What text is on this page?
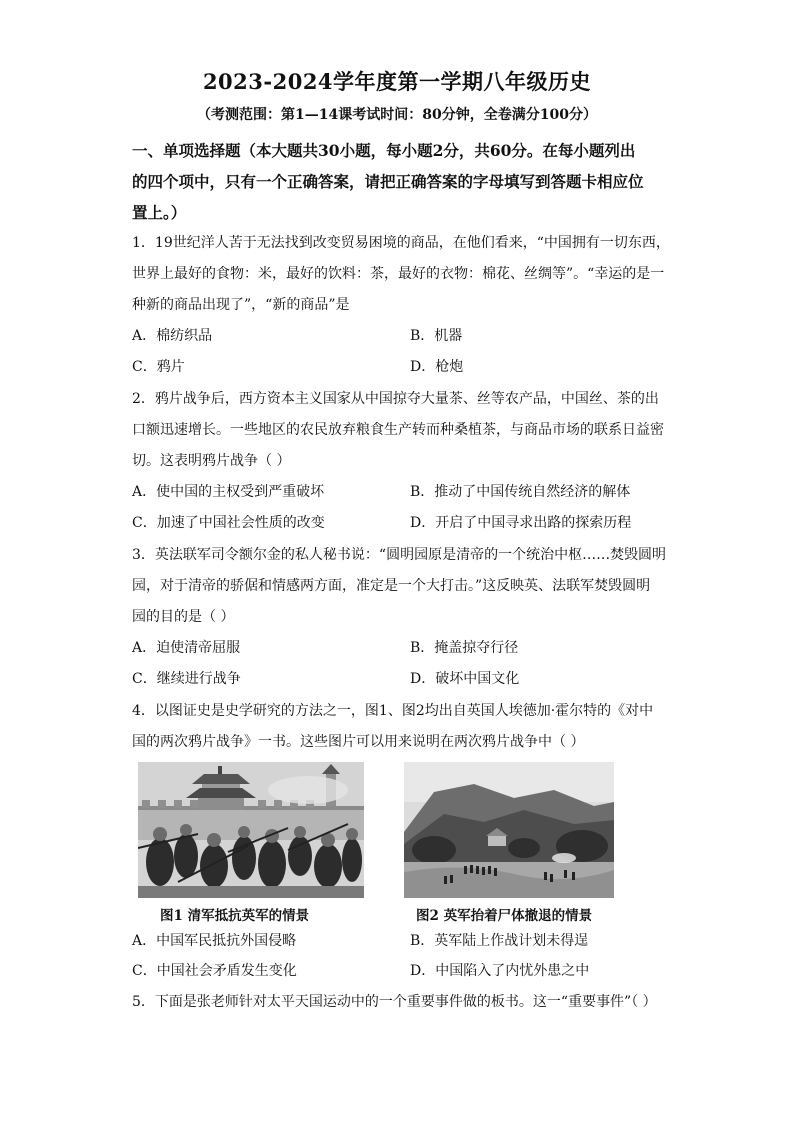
2023-2024学年度第一学期八年级历史
（考测范围：第1—14课考试时间：80分钟，全卷满分100分）
一、单项选择题（本大题共30小题，每小题2分，共60分。在每小题列出
的四个项中，只有一个正确答案，请把正确答案的字母填写到答题卡相应位
置上。）
1．19世纪洋人苦于无法找到改变贸易困境的商品，在他们看来，“中国拥有一切东西，
世界上最好的食物：米，最好的饮料：茶，最好的衣物：棉花、丝绸等”。“幸运的是一
种新的商品出现了”，“新的商品”是
A．棉纺织品	B．机器
C．鸦片	D．枪炮
2．鸦片战争后，西方资本主义国家从中国掠夺大量茶、丝等农产品，中国丝、茶的出
口额迅速增长。一些地区的农民放弃粮食生产转而种桑植茶，与商品市场的联系日益密
切。这表明鸦片战争（ ）
A．使中国的主权受到严重破坏	B．推动了中国传统自然经济的解体
C．加速了中国社会性质的改变	D．开启了中国寻求出路的探索历程
3．英法联军司令额尔金的私人秘书说：“圆明园原是清帝的一个统治中枢……焚毁圆明
园，对于清帝的骄倨和情感两方面，准定是一个大打击。”这反映英、法联军焚毁圆明
园的目的是（ ）
A．迫使清帝屈服	B．掩盖掠夺行径
C．继续进行战争	D．破坏中国文化
4．以图证史是史学研究的方法之一，图1、图2均出自英国人埃德加·霍尔特的《对中
国的两次鸦片战争》一书。这些图片可以用来说明在两次鸦片战争中（ ）
图1 清军抵抗英军的情景	图2 英军抬着尸体撤退的情景
A．中国军民抵抗外国侵略	B．英军陆上作战计划未得逞
C．中国社会矛盾发生变化	D．中国陷入了内忧外患之中
5．下面是张老师针对太平天国运动中的一个重要事件做的板书。这一“重要事件”（ ）
